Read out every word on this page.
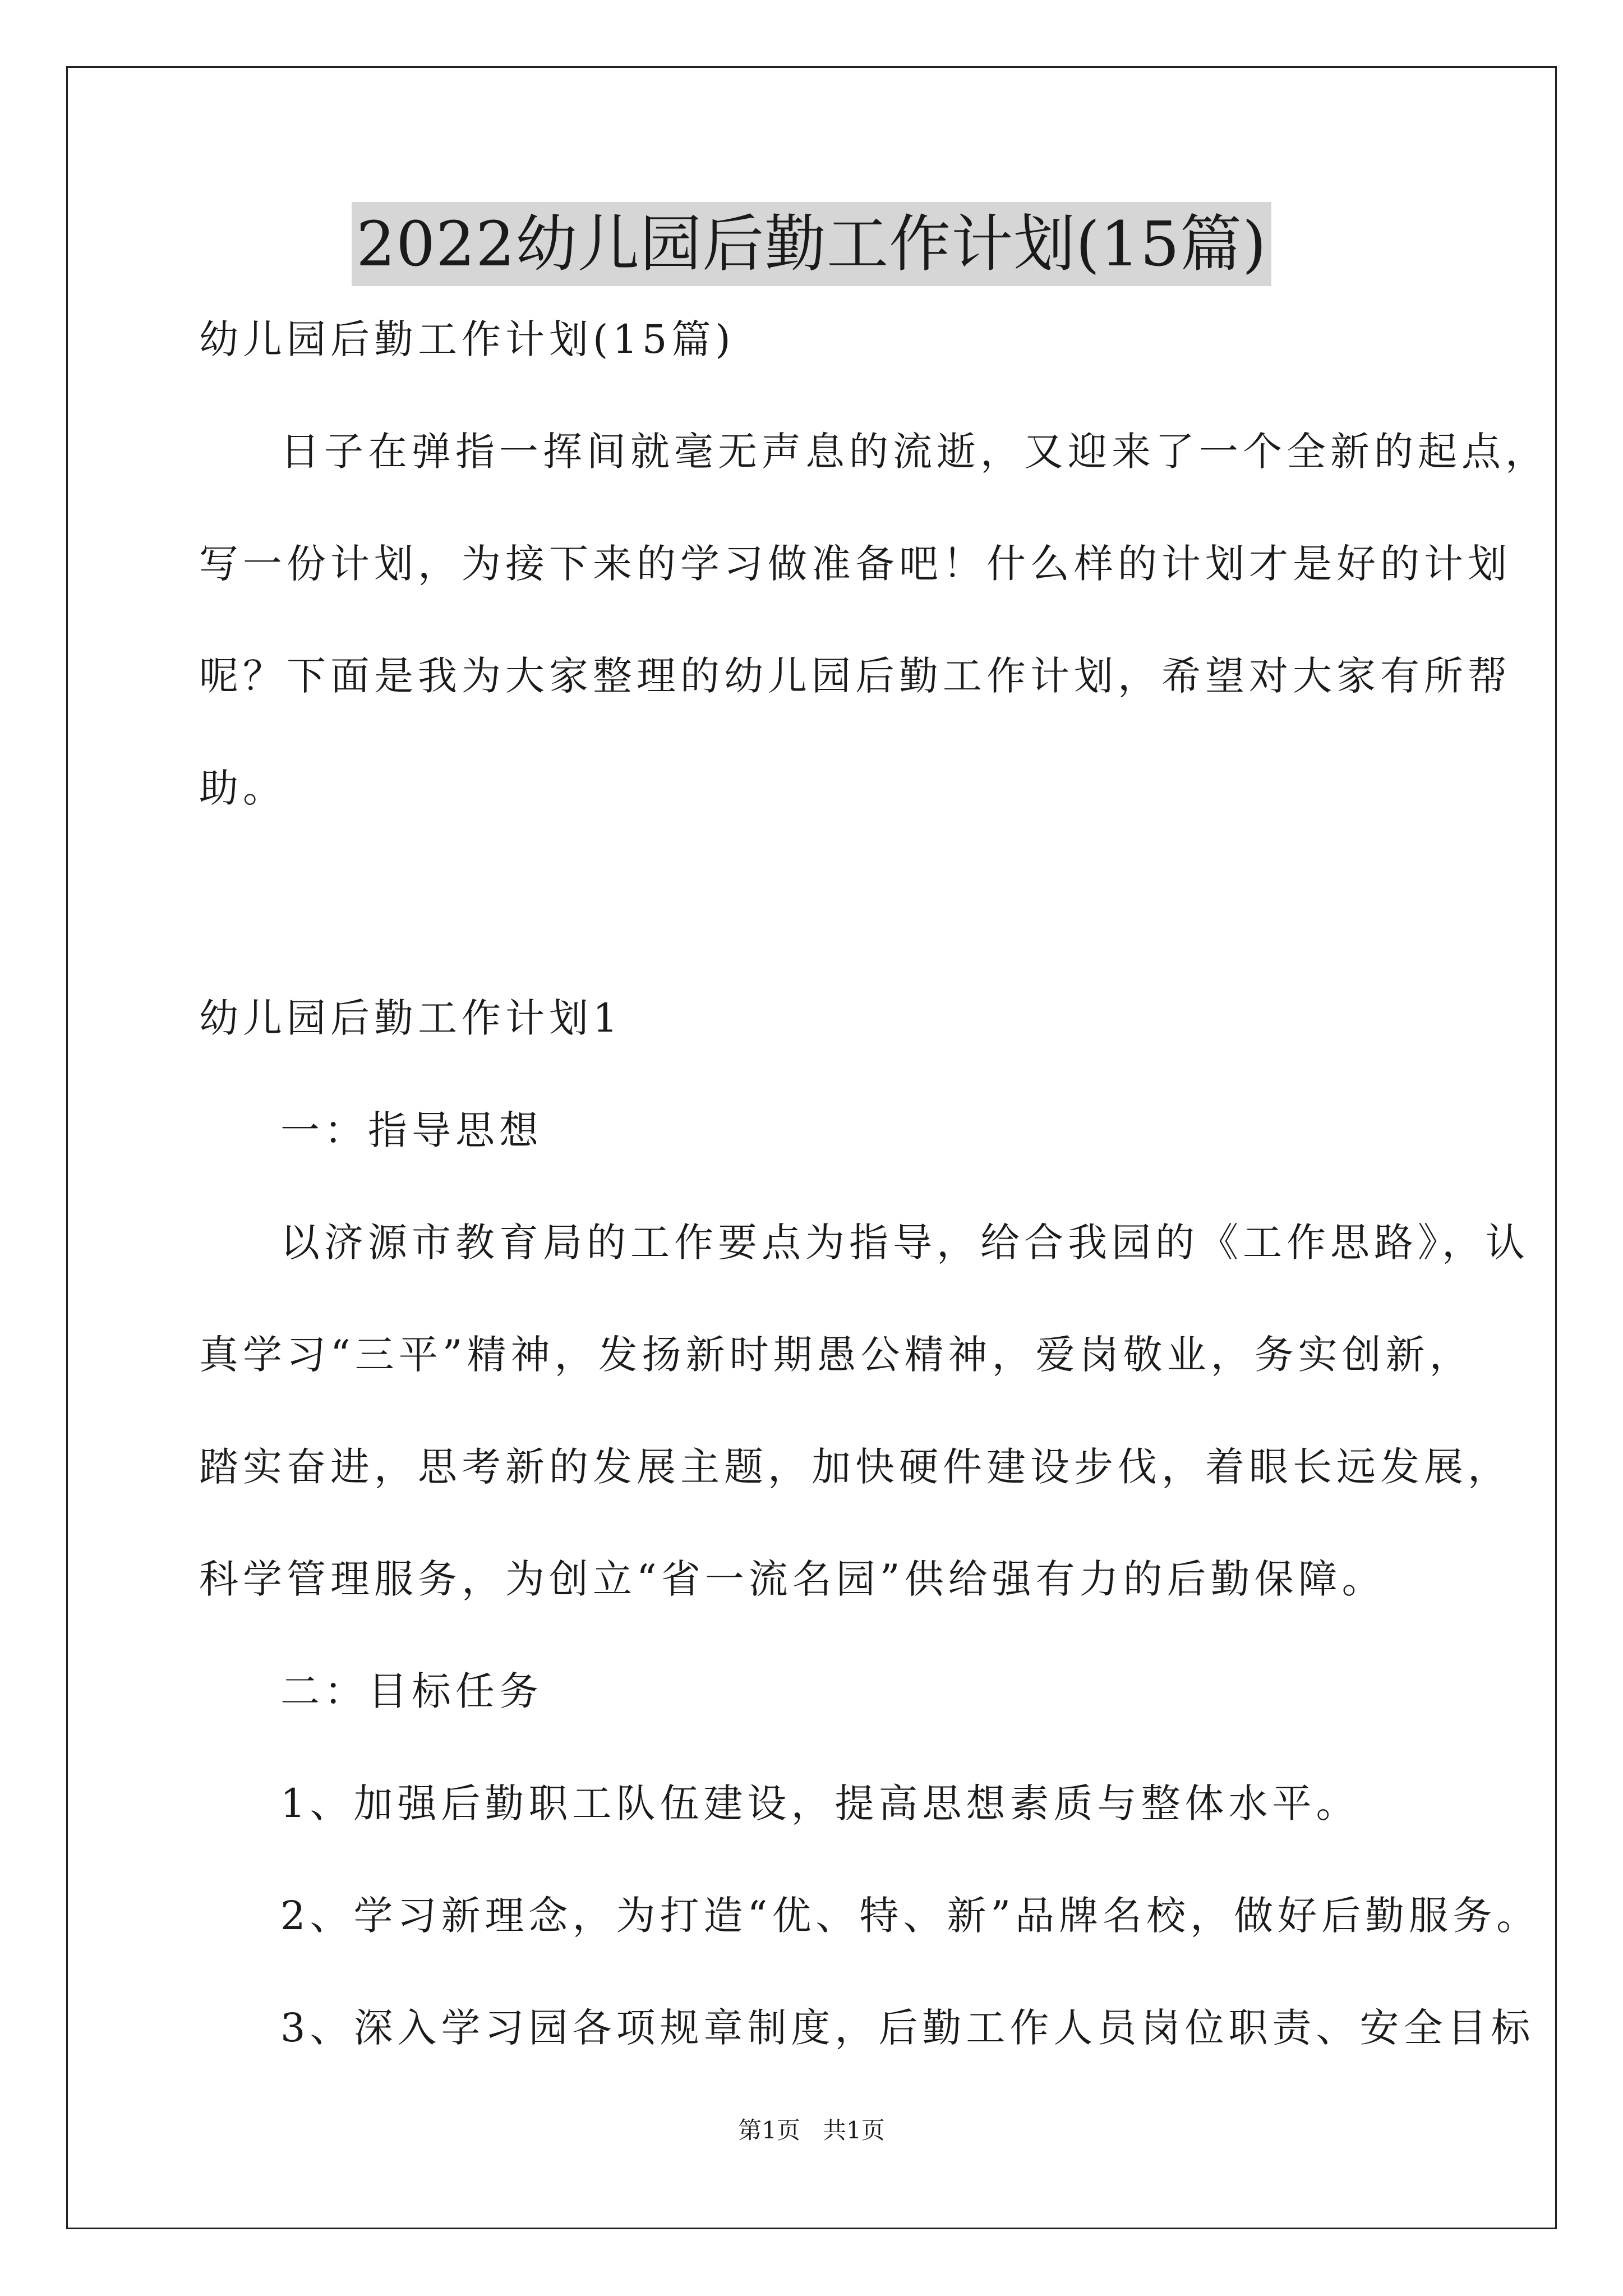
2022幼儿园后勤工作计划(15篇)
幼儿园后勤工作计划(15篇)
日子在弹指一挥间就毫无声息的流逝，又迎来了一个全新的起点，
写一份计划，为接下来的学习做准备吧！什么样的计划才是好的计划
呢？下面是我为大家整理的幼儿园后勤工作计划，希望对大家有所帮
助。
幼儿园后勤工作计划1
一：指导思想
以济源市教育局的工作要点为指导，给合我园的《工作思路》，认
真学习“三平”精神，发扬新时期愚公精神，爱岗敬业，务实创新，
踏实奋进，思考新的发展主题，加快硬件建设步伐，着眼长远发展，
科学管理服务，为创立“省一流名园”供给强有力的后勤保障。
二：目标任务
1、加强后勤职工队伍建设，提高思想素质与整体水平。
2、学习新理念，为打造“优、特、新”品牌名校，做好后勤服务。
3、深入学习园各项规章制度，后勤工作人员岗位职责、安全目标
第1页   共1页
